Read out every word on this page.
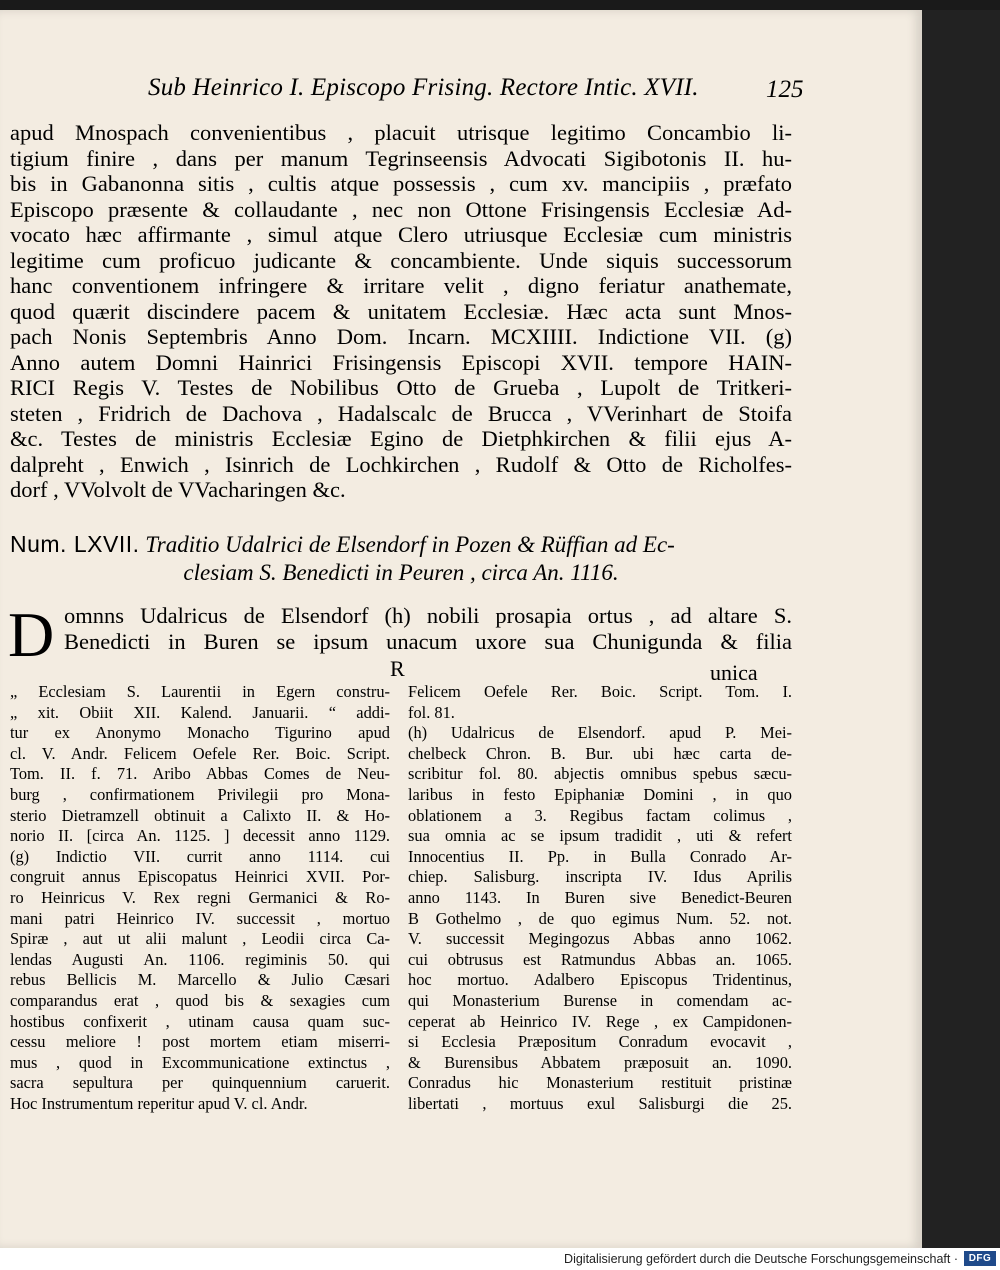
Sub Heinrico I. Episcopo Frising. Rectore Intic. XVII.	125
apud Mnospach convenientibus , placuit utrisque legitimo Concambio li-
tigium finire , dans per manum Tegrinseensis Advocati Sigibotonis II. hu-
bis in Gabanonna sitis , cultis atque possessis , cum xv. mancipiis , præfato
Episcopo præsente & collaudante , nec non Ottone Frisingensis Ecclesiæ Ad-
vocato hæc affirmante , simul atque Clero utriusque Ecclesiæ cum ministris
legitime cum proficuo judicante & concambiente. Unde siquis successorum
hanc conventionem infringere & irritare velit , digno feriatur anathemate,
quod quærit discindere pacem & unitatem Ecclesiæ. Hæc acta sunt Mnos-
pach Nonis Septembris Anno Dom. Incarn. MCXIIII. Indictione VII. (g)
Anno autem Domni Hainrici Frisingensis Episcopi XVII. tempore HAIN-
RICI Regis V. Testes de Nobilibus Otto de Grueba , Lupolt de Tritkeri-
steten , Fridrich de Dachova , Hadalscalc de Brucca , VVerinhart de Stoifa
&c. Testes de ministris Ecclesiæ Egino de Dietphkirchen & filii ejus A-
dalpreht , Enwich , Isinrich de Lochkirchen , Rudolf & Otto de Richolfes-
dorf , VVolvolt de VVacharingen &c.
Num. LXVII. Traditio Udalrici de Elsendorf in Pozen & Rüffian ad Ec-
clesiam S. Benedicti in Peuren , circa An. 1116.
D omnns Udalricus de Elsendorf (h) nobili prosapia ortus , ad altare S.
Benedicti in Buren se ipsum unacum uxore sua Chunigunda & filia
R	unica
„ Ecclesiam S. Laurentii in Egern constru-
„ xit. Obiit XII. Kalend. Januarii. “ addi-
tur ex Anonymo Monacho Tigurino apud
cl. V. Andr. Felicem Oefele Rer. Boic. Script.
Tom. II. f. 71. Aribo Abbas Comes de Neu-
burg , confirmationem Privilegii pro Mona-
sterio Dietramzell obtinuit a Calixto II. & Ho-
norio II. [circa An. 1125. ] decessit anno 1129.
(g) Indictio VII. currit anno 1114. cui
congruit annus Episcopatus Heinrici XVII. Por-
ro Heinricus V. Rex regni Germanici & Ro-
mani patri Heinrico IV. successit , mortuo
Spiræ , aut ut alii malunt , Leodii circa Ca-
lendas Augusti An. 1106. regiminis 50. qui
rebus Bellicis M. Marcello & Julio Cæsari
comparandus erat , quod bis & sexagies cum
hostibus confixerit , utinam causa quam suc-
cessu meliore ! post mortem etiam miserri-
mus , quod in Excommunicatione extinctus ,
sacra sepultura per quinquennium caruerit.
Hoc Instrumentum reperitur apud V. cl. Andr.
Felicem Oefele Rer. Boic. Script. Tom. I.
fol. 81.
(h) Udalricus de Elsendorf. apud P. Mei-
chelbeck Chron. B. Bur. ubi hæc carta de-
scribitur fol. 80. abjectis omnibus spebus sæcu-
laribus in festo Epiphaniæ Domini , in quo
oblationem a 3. Regibus factam colimus ,
sua omnia ac se ipsum tradidit , uti & refert
Innocentius II. Pp. in Bulla Conrado Ar-
chiep. Salisburg. inscripta IV. Idus Aprilis
anno 1143. In Buren sive Benedict-Beuren
B Gothelmo , de quo egimus Num. 52. not.
V. successit Megingozus Abbas anno 1062.
cui obtrusus est Ratmundus Abbas an. 1065.
hoc mortuo. Adalbero Episcopus Tridentinus,
qui Monasterium Burense in comendam ac-
ceperat ab Heinrico IV. Rege , ex Campidonen-
si Ecclesia Præpositum Conradum evocavit ,
& Burensibus Abbatem præposuit an. 1090.
Conradus hic Monasterium restituit pristinæ
libertati , mortuus exul Salisburgi die 25.
Digitalisierung gefördert durch die Deutsche Forschungsgemeinschaft ·	DFG
